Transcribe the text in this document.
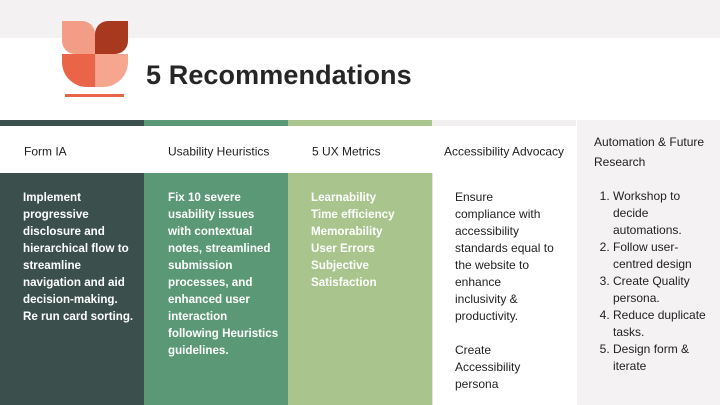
5 Recommendations
Form IA

Implement progressive disclosure and hierarchical flow to streamline navigation and aid decision-making. Re run card sorting.

Usability Heuristics

Fix 10 severe usability issues with contextual notes, streamlined submission processes, and enhanced user interaction following Heuristics guidelines.

5 UX Metrics
Learnability
Time efficiency
Memorability
User Errors
Subjective
Satisfaction
Accessibility Advocacy

Ensure compliance with accessibility standards equal to the website to enhance inclusivity & productivity.

Create Accessibility persona

Automation & Future Research
1. Workshop to decide automations.
2. Follow user-centred design
3. Create Quality persona.
4. Reduce duplicate tasks.
5. Design form & iterate
